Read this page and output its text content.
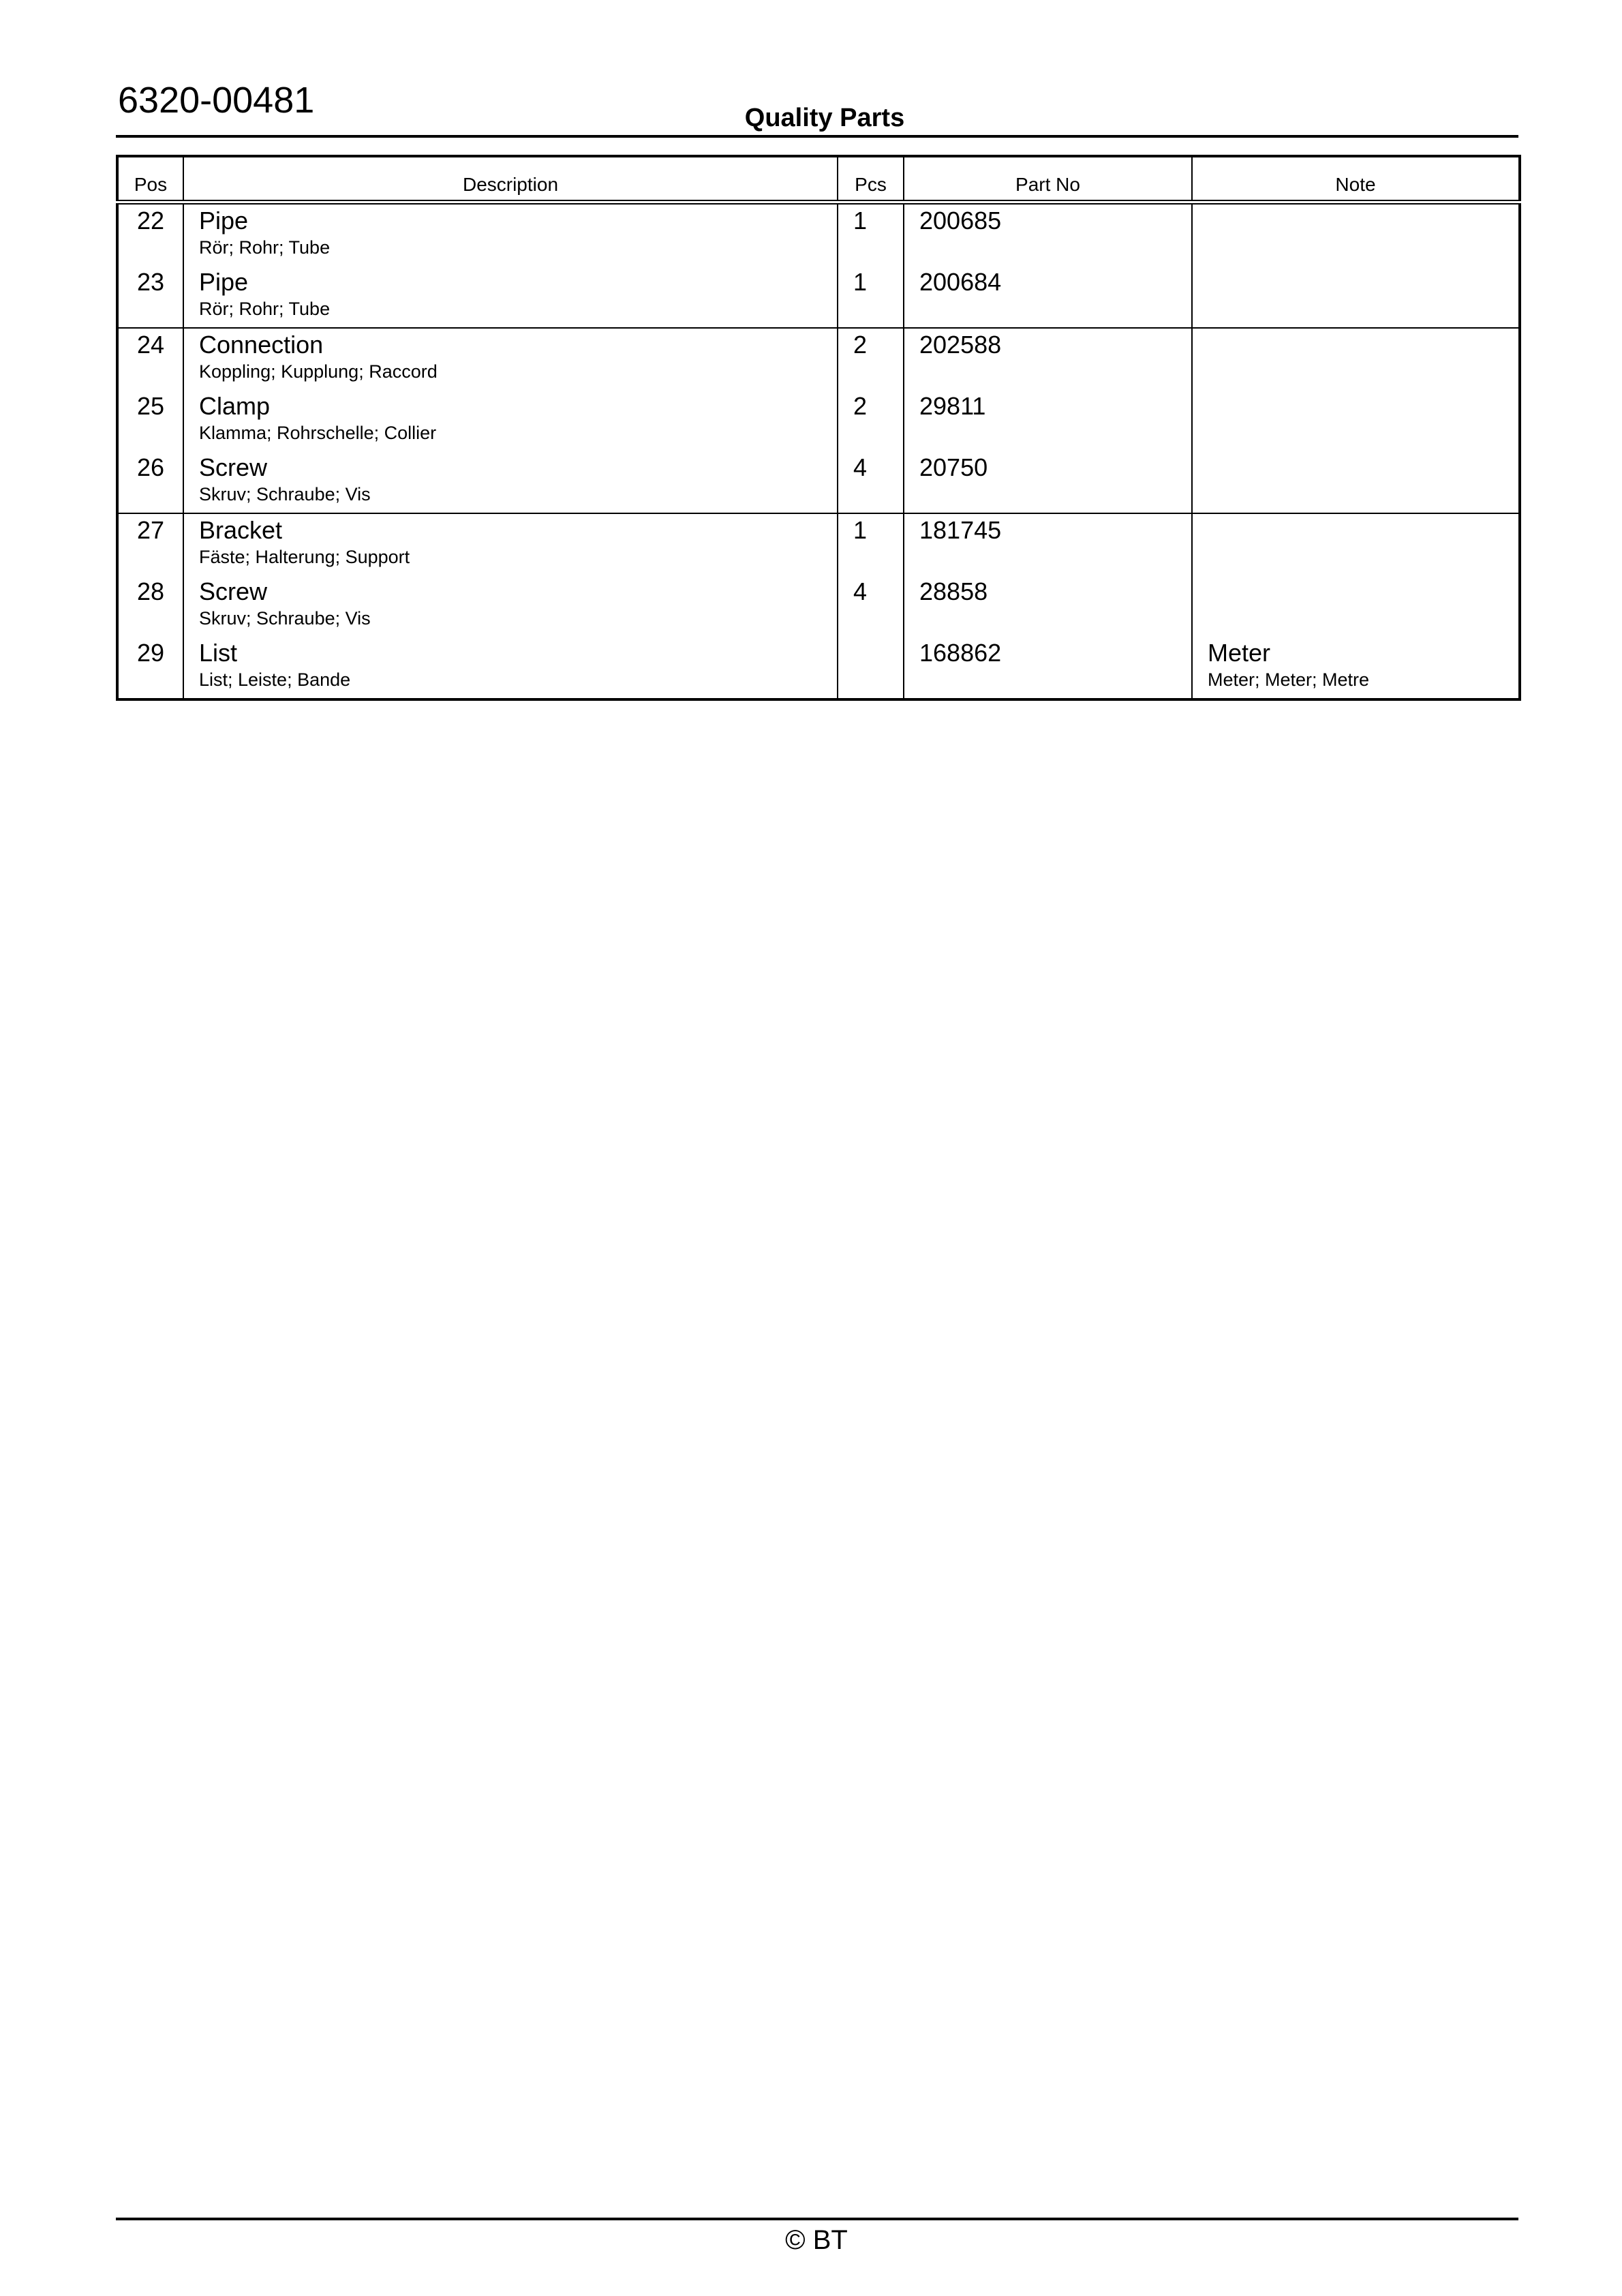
6320-00481	Quality Parts
Pos	Description	Pcs	Part No	Note
22	Pipe
Rör; Rohr; Tube	1	200685	

23	Pipe
Rör; Rohr; Tube	1	200684	

24	Connection
Koppling; Kupplung; Raccord	2	202588	

25	Clamp
Klamma; Rohrschelle; Collier	2	29811	

26	Screw
Skruv; Schraube; Vis	4	20750	

27	Bracket
Fäste; Halterung; Support	1	181745	

28	Screw
Skruv; Schraube; Vis	4	28858	

29	List
List; Leiste; Bande		168862	Meter
Meter; Meter; Metre
© BT
